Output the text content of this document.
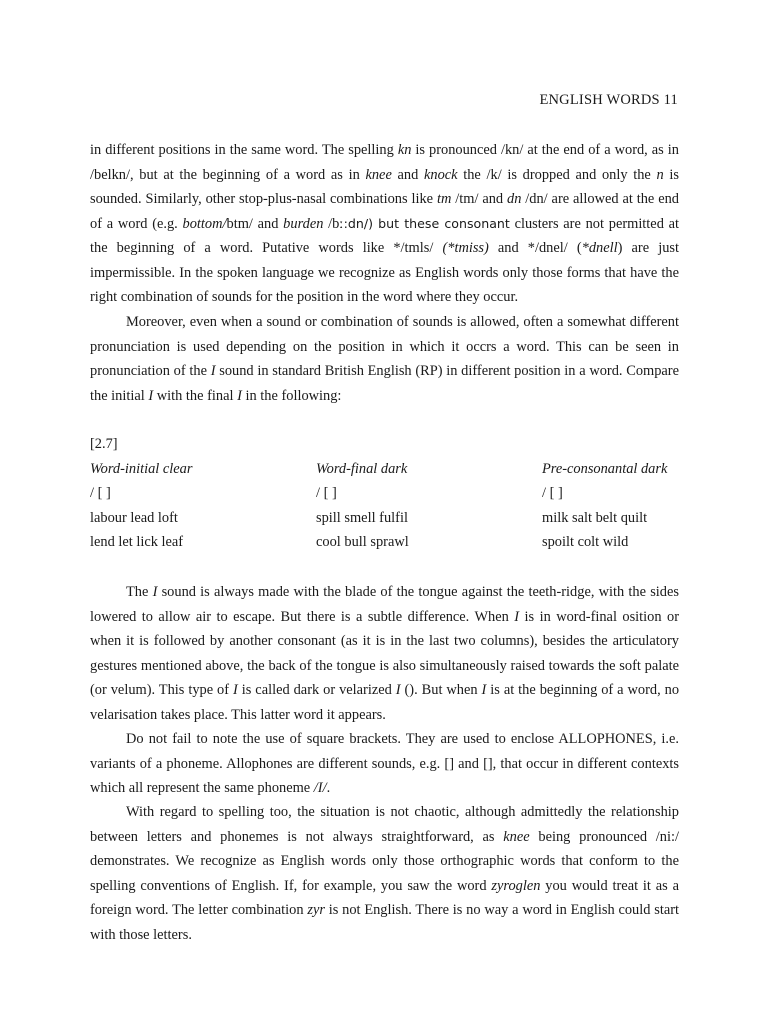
ENGLISH WORDS 11
in different positions in the same word. The spelling kn is pronounced /kn/ at the end of a word, as in /belkn/, but at the beginning of a word as in knee and knock the /k/ is dropped and only the n is sounded. Similarly, other stop-plus-nasal combinations like tm /tm/ and dn /dn/ are allowed at the end of a word (e.g. bottom/btm/ and burden /bː:dn/) but these consonant clusters are not permitted at the beginning of a word. Putative words like */tmls/ (*tmiss) and */dnel/ (*dnell) are just impermissible. In the spoken language we recognize as English words only those forms that have the right combination of sounds for the position in the word where they occur.
Moreover, even when a sound or combination of sounds is allowed, often a somewhat different pronunciation is used depending on the position in which it occrs a word. This can be seen in pronunciation of the I sound in standard British English (RP) in different position in a word. Compare the initial I with the final I in the following:
[2.7]
Word-initial clear	Word-final dark	Pre-consonantal dark
/ [ ]	/ [ ]	/ [ ]
labour lead loft	spill smell fulfil	milk salt belt quilt
lend let lick leaf	cool bull sprawl	spoilt colt wild
The I sound is always made with the blade of the tongue against the teeth-ridge, with the sides lowered to allow air to escape. But there is a subtle difference. When I is in word-final osition or when it is followed by another consonant (as it is in the last two columns), besides the articulatory gestures mentioned above, the back of the tongue is also simultaneously raised towards the soft palate (or velum). This type of I is called dark or velarized I (). But when I is at the beginning of a word, no velarisation takes place. This latter word it appears.
Do not fail to note the use of square brackets. They are used to enclose ALLOPHONES, i.e. variants of a phoneme. Allophones are different sounds, e.g. [] and [], that occur in different contexts which all represent the same phoneme /I/.
With regard to spelling too, the situation is not chaotic, although admittedly the relationship between letters and phonemes is not always straightforward, as knee being pronounced /ni:/ demonstrates. We recognize as English words only those orthographic words that conform to the spelling conventions of English. If, for example, you saw the word zyroglen you would treat it as a foreign word. The letter combination zyr is not English. There is no way a word in English could start with those letters.
